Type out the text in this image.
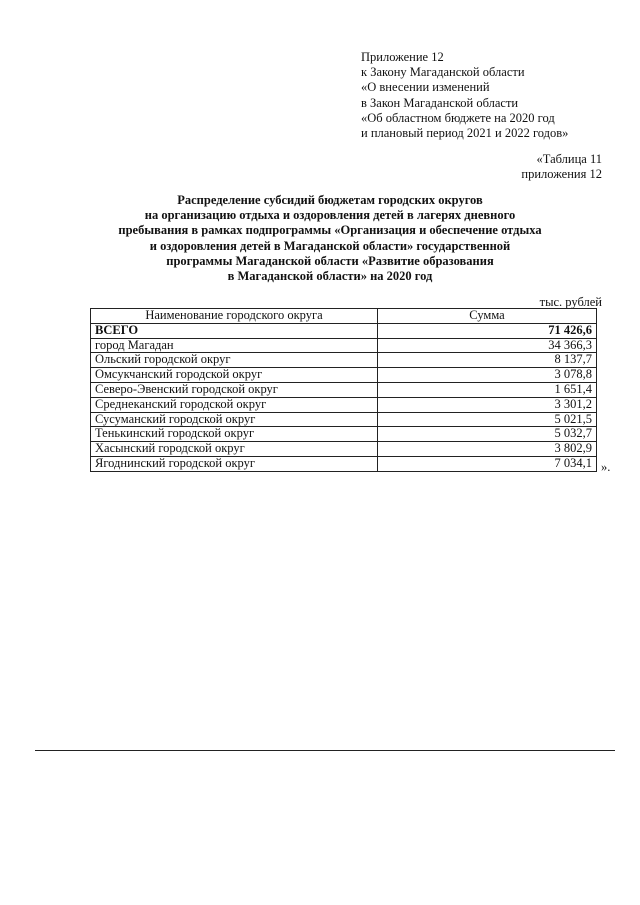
Приложение 12
к Закону Магаданской области
«О внесении изменений
в Закон Магаданской области
«Об областном бюджете на 2020 год
и плановый период 2021 и 2022 годов»
«Таблица 11
приложения 12
Распределение субсидий бюджетам городских округов
на организацию отдыха и оздоровления детей в лагерях дневного
пребывания в рамках подпрограммы «Организация и обеспечение отдыха
и оздоровления детей в Магаданской области» государственной
программы Магаданской области «Развитие образования
в Магаданской области» на 2020 год
тыс. рублей
Наименование городского округа	Сумма
ВСЕГО	71 426,6
город Магадан	34 366,3
Ольский городской округ	8 137,7
Омсукчанский городской округ	3 078,8
Северо-Эвенский городской округ	1 651,4
Среднеканский городской округ	3 301,2
Сусуманский городской округ	5 021,5
Тенькинский городской округ	5 032,7
Хасынский городской округ	3 802,9
Ягоднинский городской округ	7 034,1 ».
